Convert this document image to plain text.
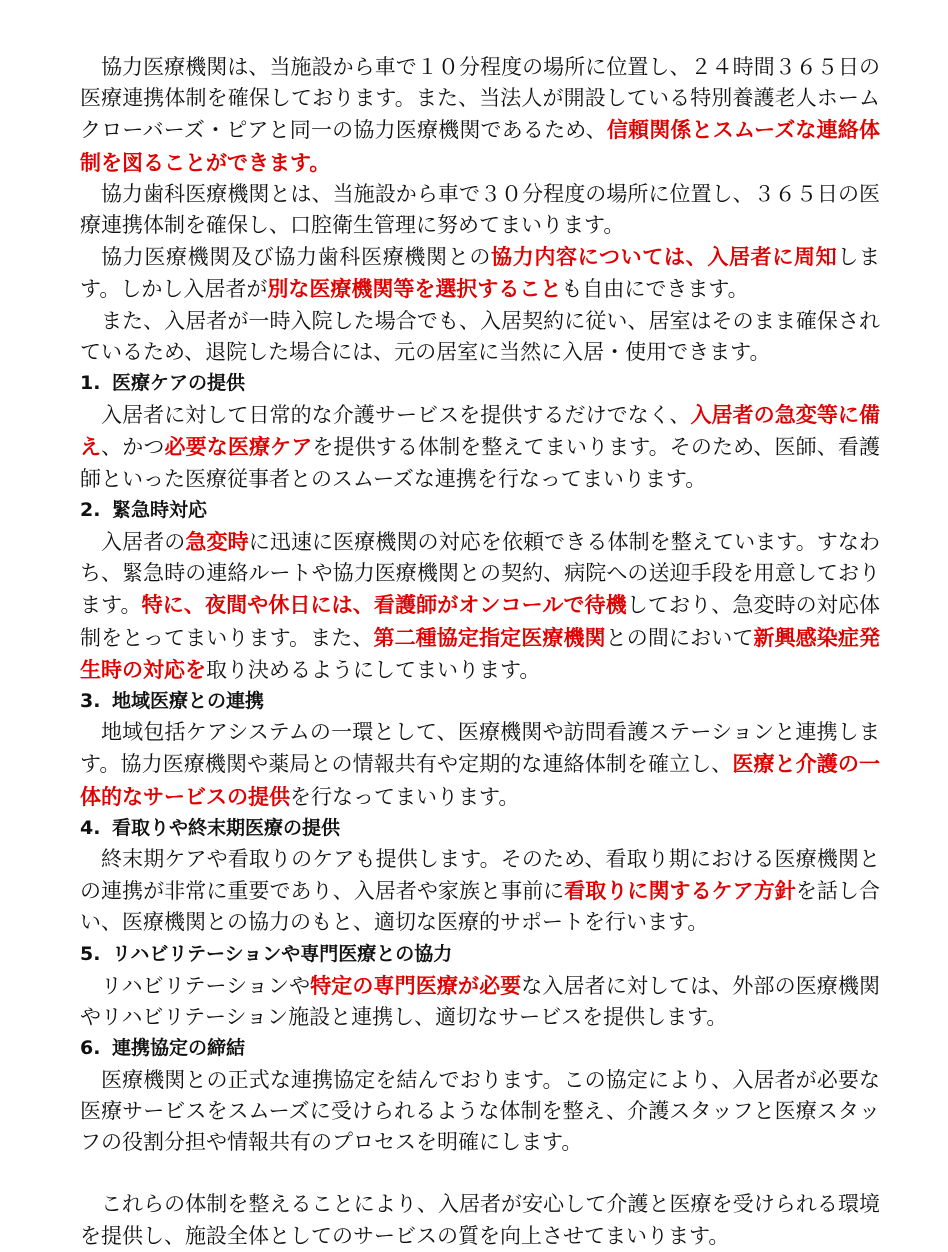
協力医療機関は、当施設から車で１０分程度の場所に位置し、２４時間３６５日の医療連携体制を確保しております。また、当法人が開設している特別養護老人ホームクローバーズ・ピアと同一の協力医療機関であるため、信頼関係とスムーズな連絡体制を図ることができます。

協力歯科医療機関とは、当施設から車で３０分程度の場所に位置し、３６５日の医療連携体制を確保し、口腔衛生管理に努めてまいります。

協力医療機関及び協力歯科医療機関との協力内容については、入居者に周知します。しかし入居者が別な医療機関等を選択することも自由にできます。

また、入居者が一時入院した場合でも、入居契約に従い、居室はそのまま確保されているため、退院した場合には、元の居室に当然に入居・使用できます。

1. 医療ケアの提供

入居者に対して日常的な介護サービスを提供するだけでなく、入居者の急変等に備え、かつ必要な医療ケアを提供する体制を整えてまいります。そのため、医師、看護師といった医療従事者とのスムーズな連携を行なってまいります。

2. 緊急時対応

入居者の急変時に迅速に医療機関の対応を依頼できる体制を整えています。すなわち、緊急時の連絡ルートや協力医療機関との契約、病院への送迎手段を用意しております。特に、夜間や休日には、看護師がオンコールで待機しており、急変時の対応体制をとってまいります。また、第二種協定指定医療機関との間において新興感染症発生時の対応を取り決めるようにしてまいります。

3. 地域医療との連携

地域包括ケアシステムの一環として、医療機関や訪問看護ステーションと連携します。協力医療機関や薬局との情報共有や定期的な連絡体制を確立し、医療と介護の一体的なサービスの提供を行なってまいります。

4. 看取りや終末期医療の提供

終末期ケアや看取りのケアも提供します。そのため、看取り期における医療機関との連携が非常に重要であり、入居者や家族と事前に看取りに関するケア方針を話し合い、医療機関との協力のもと、適切な医療的サポートを行います。

5. リハビリテーションや専門医療との協力

リハビリテーションや特定の専門医療が必要な入居者に対しては、外部の医療機関やリハビリテーション施設と連携し、適切なサービスを提供します。

6. 連携協定の締結

医療機関との正式な連携協定を結んでおります。この協定により、入居者が必要な医療サービスをスムーズに受けられるような体制を整え、介護スタッフと医療スタッフの役割分担や情報共有のプロセスを明確にします。

これらの体制を整えることにより、入居者が安心して介護と医療を受けられる環境を提供し、施設全体としてのサービスの質を向上させてまいります。
